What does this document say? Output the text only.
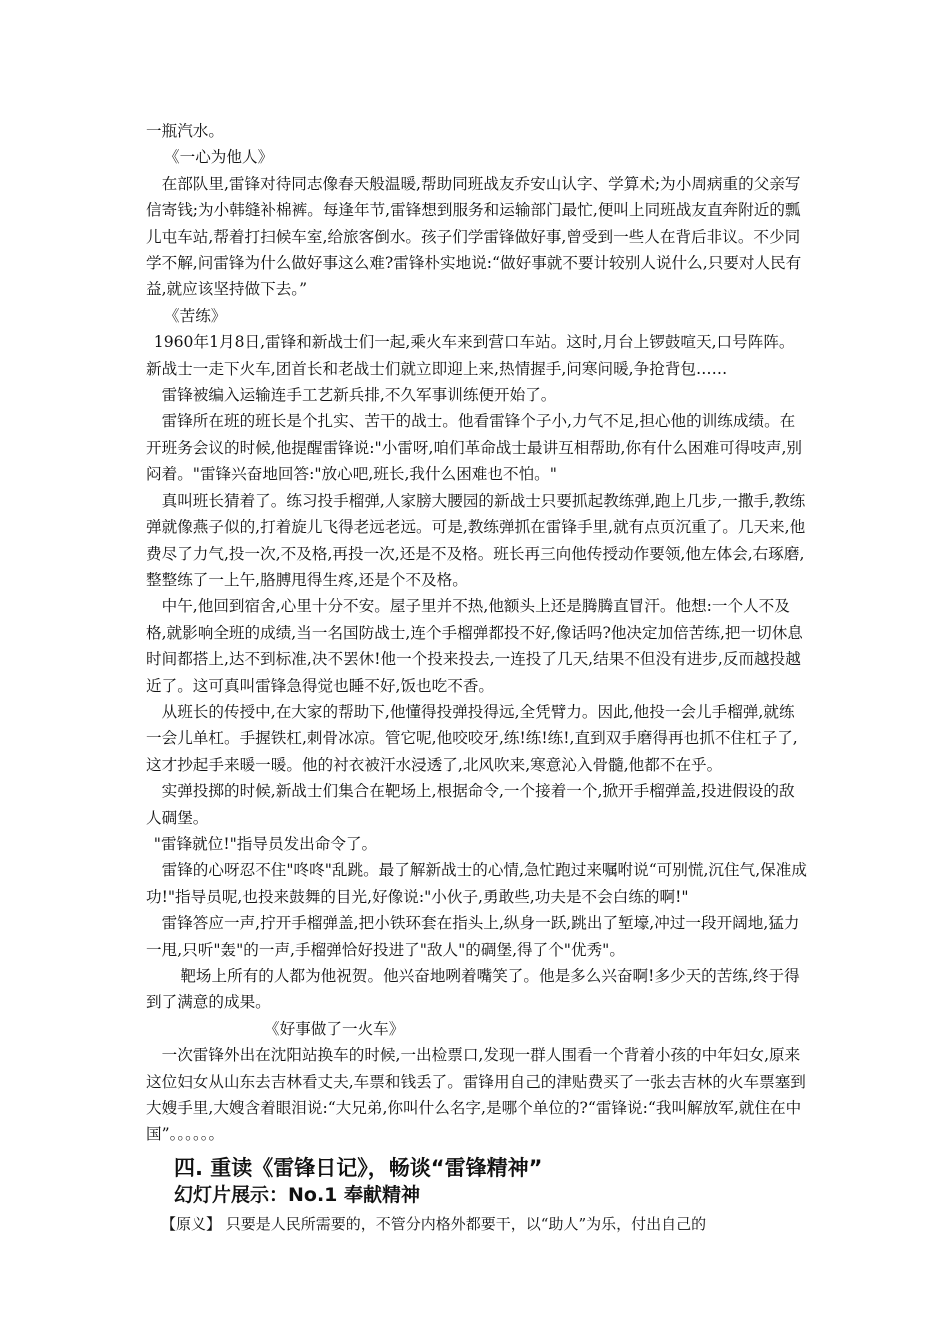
一瓶汽水。

《一心为他人》

在部队里,雷锋对待同志像春天般温暖,帮助同班战友乔安山认字、学算术;为小周病重的父亲写信寄钱;为小韩缝补棉裤。每逢年节,雷锋想到服务和运输部门最忙,便叫上同班战友直奔附近的瓢儿屯车站,帮着打扫候车室,给旅客倒水。孩子们学雷锋做好事,曾受到一些人在背后非议。不少同学不解,问雷锋为什么做好事这么难?雷锋朴实地说:“做好事就不要计较别人说什么,只要对人民有益,就应该坚持做下去。”

《苦练》

1960年1月8日,雷锋和新战士们一起,乘火车来到营口车站。这时,月台上锣鼓喧天,口号阵阵。新战士一走下火车,团首长和老战士们就立即迎上来,热情握手,问寒问暖,争抢背包……

雷锋被编入运输连手工艺新兵排,不久军事训练便开始了。

雷锋所在班的班长是个扎实、苦干的战士。他看雷锋个子小,力气不足,担心他的训练成绩。在开班务会议的时候,他提醒雷锋说:"小雷呀,咱们革命战士最讲互相帮助,你有什么困难可得吱声,别闷着。"雷锋兴奋地回答:"放心吧,班长,我什么困难也不怕。"

真叫班长猜着了。练习投手榴弹,人家膀大腰园的新战士只要抓起教练弹,跑上几步,一撒手,教练弹就像燕子似的,打着旋儿飞得老远老远。可是,教练弹抓在雷锋手里,就有点页沉重了。几天来,他费尽了力气,投一次,不及格,再投一次,还是不及格。班长再三向他传授动作要领,他左体会,右琢磨,整整练了一上午,胳膊甩得生疼,还是个不及格。

中午,他回到宿舍,心里十分不安。屋子里并不热,他额头上还是腾腾直冒汗。他想:一个人不及格,就影响全班的成绩,当一名国防战士,连个手榴弹都投不好,像话吗?他决定加倍苦练,把一切休息时间都搭上,达不到标准,决不罢休!他一个投来投去,一连投了几天,结果不但没有进步,反而越投越近了。这可真叫雷锋急得觉也睡不好,饭也吃不香。

从班长的传授中,在大家的帮助下,他懂得投弹投得远,全凭臂力。因此,他投一会儿手榴弹,就练一会儿单杠。手握铁杠,刺骨冰凉。管它呢,他咬咬牙,练!练!练!,直到双手磨得再也抓不住杠子了,这才抄起手来暖一暖。他的衬衣被汗水浸透了,北风吹来,寒意沁入骨髓,他都不在乎。

实弹投掷的时候,新战士们集合在靶场上,根据命令,一个接着一个,掀开手榴弹盖,投进假设的敌人碉堡。

"雷锋就位!"指导员发出命令了。

雷锋的心呀忍不住"咚咚"乱跳。最了解新战士的心情,急忙跑过来嘱咐说“可别慌,沉住气,保准成功!"指导员呢,也投来鼓舞的目光,好像说:"小伙子,勇敢些,功夫是不会白练的啊!"

雷锋答应一声,拧开手榴弹盖,把小铁环套在指头上,纵身一跃,跳出了堑壕,冲过一段开阔地,猛力一甩,只听"轰"的一声,手榴弹恰好投进了"敌人"的碉堡,得了个"优秀"。

靶场上所有的人都为他祝贺。他兴奋地咧着嘴笑了。他是多么兴奋啊!多少天的苦练,终于得到了满意的成果。

《好事做了一火车》

一次雷锋外出在沈阳站换车的时候,一出检票口,发现一群人围看一个背着小孩的中年妇女,原来这位妇女从山东去吉林看丈夫,车票和钱丢了。雷锋用自己的津贴费买了一张去吉林的火车票塞到大嫂手里,大嫂含着眼泪说:“大兄弟,你叫什么名字,是哪个单位的?“雷锋说:“我叫解放军,就住在中国”。。。。。。

四. 重读《雷锋日记》，畅谈“雷锋精神”
幻灯片展示：No.1 奉献精神

【原义】 只要是人民所需要的，不管分内格外都要干，以“助人”为乐，付出自己的
